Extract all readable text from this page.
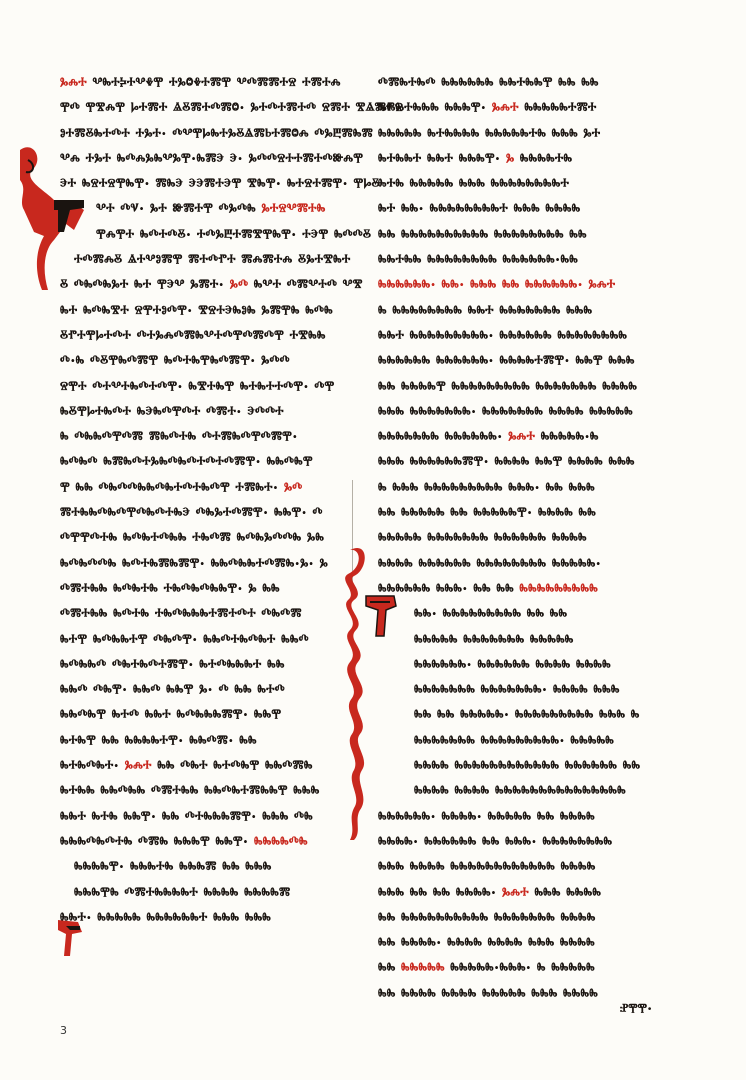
ⰳⰾⰰ ⰲⰸⰰⰽⰰⰲⰷⰹ ⰰⰳⱉⰷⰰⰿⰹ ⰲⰴⰿⰿⰰⱄ ⰰⰿⰰⰾ
ⰹⰴ ⰹⰺⰾⰹ ⱈⰰⰿⰰ ⱑⰻⰿⰰⰴⰿⱉ· ⰳⰰⰴⰰⰿⰰⰴ ⱄⰿⰰ ⰺⱑⰿⱂⱄ
ⱁⰰⰿⰻⰸⰰⰴⰰ ⰰⰳⰰ· ⰴⰲⰹⱈⰸⰰⰳⰻⱑⰿⱃⰰⰿⱉⰾ ⰴⰳⰱⰿⰸⰿ
ⰲⰾ ⰰⰳⰰ ⰸⰴⰾⰳⰸⰲⰳⰹ·ⰸⰿⰵ ⰵ· ⰳⰴⰴⱄⰰⰰⰿⰰⰴⱆⰾⰹ
ⰵⰰ ⰸⱄⰰⱄⰹⰸⰹ· ⰿⰸⰵ ⰵⰵⰿⰰⰵⰹ ⰺⰸⰹ· ⰸⰰⱄⰰⰿⰹ· ⰹⱈⰻ
ⰲⰰ ⰴⱌ· ⰳⰰ ⱆⰿⰰⰹ ⰴⰳⰴⰸ ⰳⰰⱄⰲⰿⰰⰸ
ⰹⰾⰹⰰ ⰸⰴⰰⰴⰻ· ⰰⰴⰳⰱⰰⰿⰺⰹⰸⰹ· ⰰⰵⰹ ⰸⰴⰴⰻ
ⰰⰴⰿⰾⰻ ⱑⰰⰲⱁⰿⰹ ⰿⰰⰴⱂⰰ ⰿⰾⰿⰰⰾ ⰻⰳⰰⰺⰸⰰ
ⰻ ⰴⰸⰴⰸⰳⰰ ⰸⰰ ⰹⰵⰲ ⰳⰿⰰ· ⰳⰴ ⰸⰲⰰ ⰴⰿⰲⰰⰴ ⰲⰺ
ⰸⰰ ⰸⰴⰸⰺⰰ ⱄⰹⰰⱁⰴⰹ· ⰺⱄⰰⰵⰸⱁⰸ ⰳⰿⰹⰸ ⰸⰴⰸ
ⰻⱂⰰⰹⱈⰰⰴⰰ ⰴⰰⰳⰾⰴⰿⰸⰲⰰⰴⰹⰴⰿⰴⰹ ⰰⰺⰸⰸ
ⰴ·ⰸ ⰴⰻⰹⰸⰴⰿⰹ ⰸⰴⰰⰸⰹⰸⰴⰿⰹ· ⰳⰴⰴ
ⱄⰹⰰ ⰴⰰⰲⰰⰸⰴⰰⰴⰹ· ⰸⰺⰰⰸⰹ ⰸⰰⰸⰰⰰⰴⰹ· ⰴⰹ
ⰸⰻⰹⱈⰰⰸⰴⰰ ⰸⰵⰸⰴⰹⰴⰰ ⰴⰿⰰ· ⰵⰴⰴⰰ
ⰸ ⰴⰸⰸⰴⰹⰴⰿ ⰿⰸⰴⰰⰸ ⰴⰰⰿⰸⰴⰹⰴⰿⰹ·
ⰸⰴⰸⰴ ⰸⰿⰸⰴⰰⰳⰸⰴⰸⰴⰰⰴⰰⰴⰿⰹ· ⰸⰸⰴⰸⰹ
ⰹ ⰸⰸ ⰴⰸⰴⰴⰸⰸⰴⰸⰰⰴⰰⰸⰴⰹ ⰰⰿⰸⰰ· ⰳⰴ
ⰿⰰⰸⰸⰴⰸⰴⰹⰴⰸⰴⰰⰸⰵ ⰴⰸⰳⰰⰴⰿⰹ· ⰸⰸⰹ· ⰴ
ⰴⰹⰹⰴⰰⰸ ⰸⰴⰸⰰⰴⰸⰸ ⰰⰸⰴⰿ ⰸⰴⰸⰳⰴⰴⰸ ⰳⰸ
ⰸⰴⰸⰴⰴⰸ ⰸⰴⰰⰸⰿⰸⰿⰹ· ⰸⰸⰴⰸⰸⰰⰴⰿⰸ·ⰳ· ⰳ
ⰴⰿⰰⰸⰸ ⰸⰴⰸⰰⰸ ⰰⰸⰴⰸⰴⰸⰸⰹ· ⰳ ⰸⰸ
ⰴⰿⰰⰸⰸ ⰸⰴⰰⰸ ⰰⰸⰴⰸⰸⰸⰰⰿⰰⰴⰰ ⰴⰸⰴⰿ
ⰸⰰⰹ ⰸⰴⰸⰸⰰⰹ ⰴⰸⰴⰹ· ⰸⰸⰴⰰⰸⰴⰸⰰ ⰸⰸⰴ
ⰸⰴⰸⰸⰴ ⰴⰸⰰⰸⰴⰰⰿⰹ· ⰸⰰⰴⰸⰸⰸⰰ ⰸⰸ
ⰸⰸⰴ ⰴⰸⰹ· ⰸⰸⰴ ⰸⰸⰹ ⰳ· ⰴ ⰸⰸ ⰸⰰⰴ
ⰸⰸⰴⰸⰹ ⰸⰰⰴ ⰸⰸⰰ ⰸⰴⰸⰸⰸⰿⰹ· ⰸⰸⰹ
ⰸⰰⰸⰹ ⰸⰸ ⰸⰸⰸⰸⰰⰹ· ⰸⰸⰴⰿ· ⰸⰸ
ⰸⰰⰸⰴⰸⰰ· ⰳⰾⰰ ⰸⰸ ⰴⰸⰰ ⰸⰰⰴⰸⰹ ⰸⰸⰴⰿⰸ
ⰸⰰⰸⰸ ⰸⰸⰴⰸⰸ ⰴⰿⰰⰸⰸ ⰸⰸⰴⰸⰰⰿⰸⰸⰹ ⰸⰸⰸ
ⰸⰸⰰ ⰸⰰⰸ ⰸⰸⰹ· ⰸⰸ ⰴⰰⰸⰸⰸⰿⰹ· ⰸⰸⰸ ⰴⰸ
ⰸⰸⰸⰴⰸⰴⰰⰸ ⰴⰿⰸ ⰸⰸⰸⰹ ⰸⰸⰹ· ⰸⰸⰸⰸⰴⰸ
ⰸⰸⰸⰸⰹ· ⰸⰸⰸⰰⰸ ⰸⰸⰸⰿ ⰸⰸ ⰸⰸⰸ
ⰸⰸⰸⰹⰸ ⰴⰿⰰⰸⰸⰸⰸⰰ ⰸⰸⰸⰸ ⰸⰸⰸⰸⰿ
ⰸⰸⰰ· ⰸⰸⰸⰸⰸ ⰸⰸⰸⰸⰸⰸⰰ ⰸⰸⰸ ⰸⰸⰸ
ⰴⰿⰸⰰⰸⰴ ⰸⰸⰸⰸⰸⰸ ⰸⰸⰰⰸⰸⰹ ⰸⰸ ⰸⰸ
ⰸⰸⰸⰰⰸⰸⰸ ⰸⰸⰸⰹ· ⰳⰾⰰ ⰸⰸⰸⰸⰸⰰⰿⰰ
ⰸⰸⰸⰸⰸ ⰸⰰⰸⰸⰸⰸ ⰸⰸⰸⰸⰸⰰⰸ ⰸⰸⰸ ⰳⰰ
ⰸⰰⰸⰸⰰ ⰸⰸⰰ ⰸⰸⰸⰹ· ⰳ ⰸⰸⰸⰸⰰⰸ
ⰸⰰⰸ ⰸⰸⰸⰸⰸ ⰸⰸⰸ ⰸⰸⰸⰸⰸⰸⰸⰸⰰ
ⰸⰰ ⰸⰸ· ⰸⰸⰸⰸⰸⰸⰸⰸⰰ ⰸⰸⰸ ⰸⰸⰸⰸ
ⰸⰸ ⰸⰸⰸⰸⰸⰸⰸⰸⰸⰸ ⰸⰸⰸⰸⰸⰸⰸⰸ ⰸⰸ
ⰸⰸⰰⰸⰸ ⰸⰸⰸⰸⰸⰸⰸⰸ ⰸⰸⰸⰸⰸⰸ·ⰸⰸ
ⰸⰸⰸⰸⰸⰸ· ⰸⰸ· ⰸⰸⰸ ⰸⰸ ⰸⰸⰸⰸⰸⰸ· ⰳⰾⰰ
ⰸ ⰸⰸⰸⰸⰸⰸⰸⰸ ⰸⰸⰰ ⰸⰸⰸⰸⰸⰸⰸ ⰸⰸⰸ
ⰸⰸⰰ ⰸⰸⰸⰸⰸⰸⰸⰸⰸ· ⰸⰸⰸⰸⰸⰸ ⰸⰸⰸⰸⰸⰸⰸⰸ
ⰸⰸⰸⰸⰸⰸ ⰸⰸⰸⰸⰸⰸ· ⰸⰸⰸⰸⰰⰿⰹ· ⰸⰸⰹ ⰸⰸⰸ
ⰸⰸ ⰸⰸⰸⰸⰹ ⰸⰸⰸⰸⰸⰸⰸⰸⰸ ⰸⰸⰸⰸⰸⰸⰸ ⰸⰸⰸⰸ
ⰸⰸⰸ ⰸⰸⰸⰸⰸⰸⰸ· ⰸⰸⰸⰸⰸⰸⰸ ⰸⰸⰸⰸ ⰸⰸⰸⰸⰸ
ⰸⰸⰸⰸⰸⰸⰸ ⰸⰸⰸⰸⰸⰸ· ⰳⰾⰰ ⰸⰸⰸⰸⰸ·ⰸ
ⰸⰸⰸ ⰸⰸⰸⰸⰸⰸⰿⰹ· ⰸⰸⰸⰸ ⰸⰸⰹ ⰸⰸⰸⰸ ⰸⰸⰸ
ⰸ ⰸⰸⰸ ⰸⰸⰸⰸⰸⰸⰸⰸⰸ ⰸⰸⰸ· ⰸⰸ ⰸⰸⰸ
ⰸⰸ ⰸⰸⰸⰸⰸ ⰸⰸ ⰸⰸⰸⰸⰸⰹ· ⰸⰸⰸⰸ ⰸⰸ
ⰸⰸⰸⰸⰸ ⰸⰸⰸⰸⰸⰸⰸ ⰸⰸⰸⰸⰸⰸ ⰸⰸⰸⰸ
ⰸⰸⰸⰸ ⰸⰸⰸⰸⰸⰸ ⰸⰸⰸⰸⰸⰸⰸⰸ ⰸⰸⰸⰸⰸ·
ⰸⰸⰸⰸⰸⰸ ⰸⰸⰸ· ⰸⰸ ⰸⰸ ⰸⰸⰸⰸⰸⰸⰸⰸⰸ
ⰸⰸ· ⰸⰸⰸⰸⰸⰸⰸⰸⰸ ⰸⰸ ⰸⰸ
ⰸⰸⰸⰸⰸ ⰸⰸⰸⰸⰸⰸⰸ ⰸⰸⰸⰸⰸ
ⰸⰸⰸⰸⰸⰸ· ⰸⰸⰸⰸⰸⰸ ⰸⰸⰸⰸ ⰸⰸⰸⰸ
ⰸⰸⰸⰸⰸⰸⰸ ⰸⰸⰸⰸⰸⰸⰸ· ⰸⰸⰸⰸ ⰸⰸⰸ
ⰸⰸ ⰸⰸ ⰸⰸⰸⰸⰸ· ⰸⰸⰸⰸⰸⰸⰸⰸⰸ ⰸⰸⰸ ⰸ
ⰸⰸⰸⰸⰸⰸⰸ ⰸⰸⰸⰸⰸⰸⰸⰸⰸ· ⰸⰸⰸⰸⰸ
ⰸⰸⰸⰸ ⰸⰸⰸⰸⰸⰸⰸⰸⰸⰸⰸⰸ ⰸⰸⰸⰸⰸⰸ ⰸⰸ
ⰸⰸⰸⰸ ⰸⰸⰸⰸ ⰸⰸⰸⰸⰸⰸⰸⰸⰸⰸⰸⰸⰸⰸⰸ
ⰸⰸⰸⰸⰸⰸ· ⰸⰸⰸⰸ· ⰸⰸⰸⰸⰸ ⰸⰸ ⰸⰸⰸⰸ
ⰸⰸⰸⰸ· ⰸⰸⰸⰸⰸⰸ ⰸⰸ ⰸⰸⰸ· ⰸⰸⰸⰸⰸⰸⰸⰸ
ⰸⰸⰸ ⰸⰸⰸⰸ ⰸⰸⰸⰸⰸⰸⰸⰸⰸⰸⰸⰸ ⰸⰸⰸⰸ
ⰸⰸⰸ ⰸⰸ ⰸⰸ ⰸⰸⰸⰸ· ⰳⰾⰰ ⰸⰸⰸ ⰸⰸⰸⰸ
ⰸⰸ ⰸⰸⰸⰸⰸⰸⰸⰸⰸⰸ ⰸⰸⰸⰸⰸⰸⰸ ⰸⰸⰸⰸ
ⰸⰸ ⰸⰸⰸⰸ· ⰸⰸⰸⰸ ⰸⰸⰸⰸ ⰸⰸⰸ ⰸⰸⰸⰸ
ⰸⰸ ⰸⰸⰸⰸⰸ ⰸⰸⰸⰸⰸ·ⰸⰸⰸ· ⰸ ⰸⰸⰸⰸⰸ
ⰸⰸ ⰸⰸⰸⰸ ⰸⰸⰸⰸ ⰸⰸⰸⰸⰸ ⰸⰸⰸ ⰸⰸⰸⰸ
ⱀⰹⰹ·
3
